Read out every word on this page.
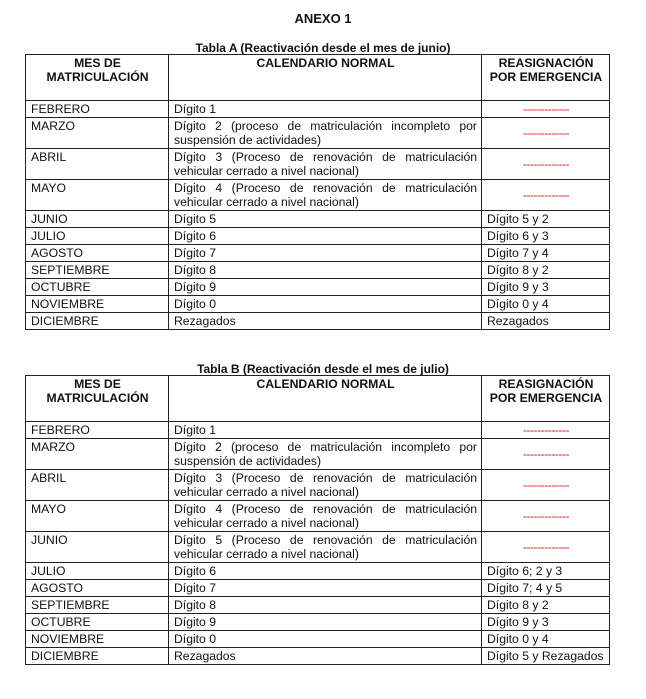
ANEXO 1
Tabla A (Reactivación desde el mes de junio)
MES DE MATRICULACIÓN	CALENDARIO NORMAL	REASIGNACIÓN POR EMERGENCIA
FEBRERO	Dígito 1	-------------
MARZO	Dígito 2 (proceso de matriculación incompleto por suspensión de actividades)	-------------
ABRIL	Dígito 3 (Proceso de renovación de matriculación vehicular cerrado a nivel nacional)	-------------
MAYO	Dígito 4 (Proceso de renovación de matriculación vehicular cerrado a nivel nacional)	-------------
JUNIO	Dígito 5	Dígito 5 y 2
JULIO	Dígito 6	Dígito 6 y 3
AGOSTO	Dígito 7	Dígito 7 y 4
SEPTIEMBRE	Dígito 8	Dígito 8 y 2
OCTUBRE	Dígito 9	Dígito 9 y 3
NOVIEMBRE	Dígito 0	Dígito 0 y 4
DICIEMBRE	Rezagados	Rezagados
Tabla B (Reactivación desde el mes de julio)
MES DE MATRICULACIÓN	CALENDARIO NORMAL	REASIGNACIÓN POR EMERGENCIA
FEBRERO	Dígito 1	-------------
MARZO	Dígito 2 (proceso de matriculación incompleto por suspensión de actividades)	-------------
ABRIL	Dígito 3 (Proceso de renovación de matriculación vehicular cerrado a nivel nacional)	-------------
MAYO	Dígito 4 (Proceso de renovación de matriculación vehicular cerrado a nivel nacional)	-------------
JUNIO	Dígito 5 (Proceso de renovación de matriculación vehicular cerrado a nivel nacional)	-------------
JULIO	Dígito 6	Dígito 6; 2 y 3
AGOSTO	Dígito 7	Dígito 7; 4 y 5
SEPTIEMBRE	Dígito 8	Dígito 8 y 2
OCTUBRE	Dígito 9	Dígito 9 y 3
NOVIEMBRE	Dígito 0	Dígito 0 y 4
DICIEMBRE	Rezagados	Dígito 5 y Rezagados
